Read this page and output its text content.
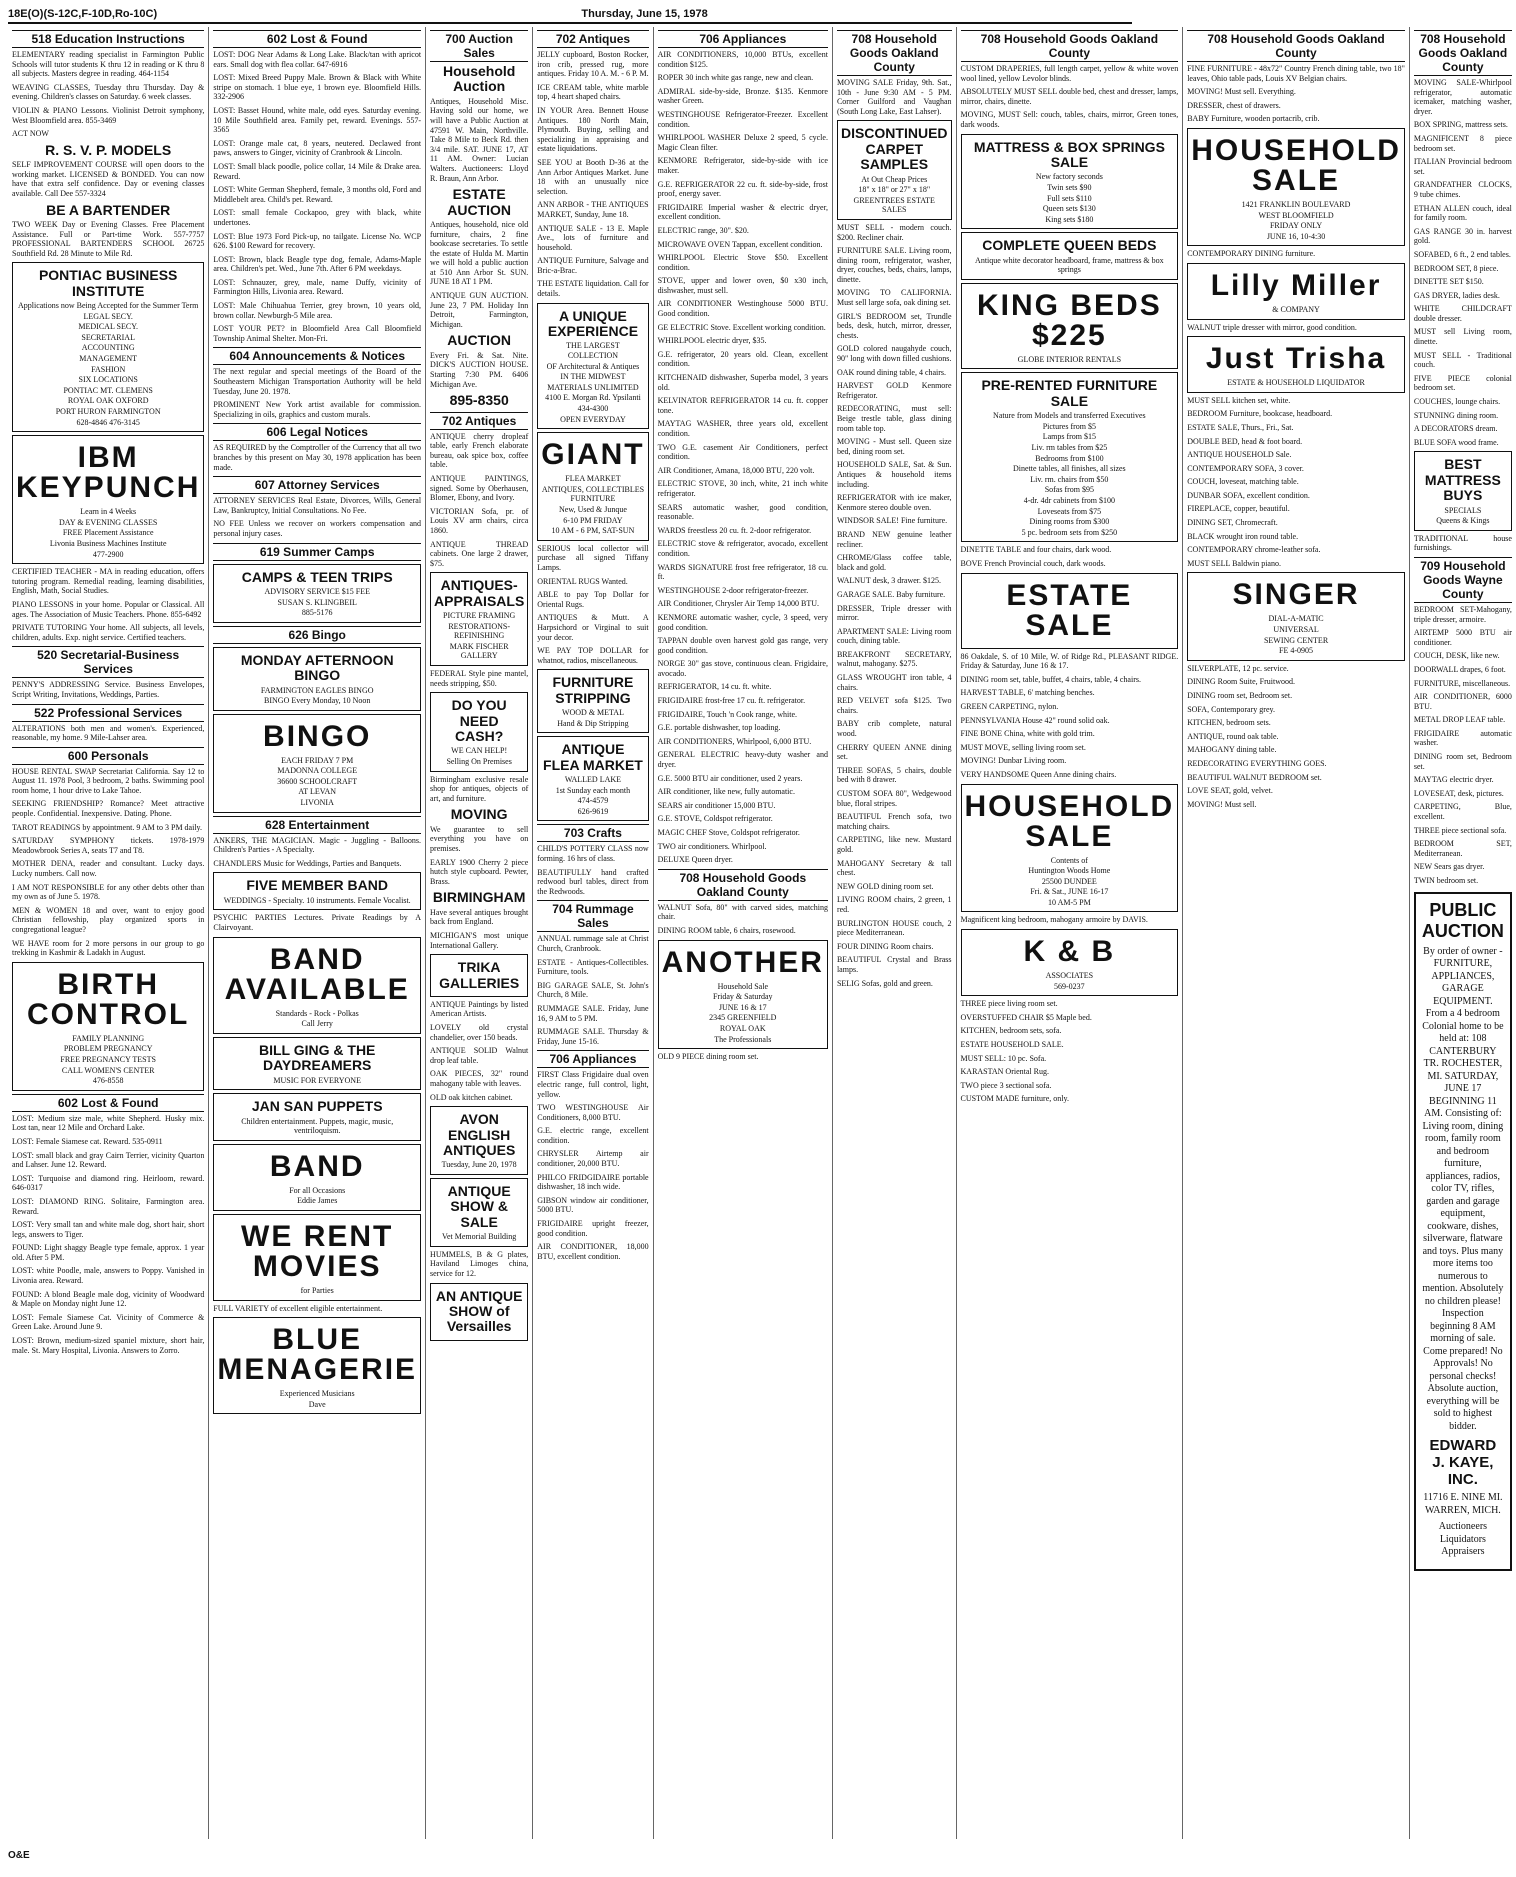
18E(O)(S-12C,F-10D,Ro-10C)	Thursday, June 15, 1978
518 Education Instructions

ELEMENTARY reading specialist in Farmington Public Schools will tutor students K thru 12 in reading or K thru 8 all subjects. Masters degree in reading. 464-1154

WEAVING CLASSES, Tuesday thru Thursday. Day & evening. Children's classes on Saturday. 6 week classes.

VIOLIN & PIANO Lessons. Violinist Detroit symphony, West Bloomfield area. 855-3469

ACT NOW

R. S. V. P. MODELS

SELF IMPROVEMENT COURSE will open doors to the working market. LICENSED & BONDED. You can now have that extra self confidence. Day or evening classes available. Call Dee 557-3324

BE A BARTENDER

TWO WEEK Day or Evening Classes. Free Placement Assistance. Full or Part-time Work. 557-7757 PROFESSIONAL BARTENDERS SCHOOL 26725 Southfield Rd. 28 Minute to Mile Rd.

PONTIAC BUSINESS INSTITUTE
Applications now Being Accepted for the Summer Term
LEGAL SECY.
MEDICAL SECY.
SECRETARIAL
ACCOUNTING
MANAGEMENT
FASHION
SIX LOCATIONS
PONTIAC MT. CLEMENS
ROYAL OAK OXFORD
PORT HURON FARMINGTON
628-4846 476-3145
IBM KEYPUNCH
Learn in 4 Weeks
DAY & EVENING CLASSES
FREE Placement Assistance
Livonia Business Machines Institute
477-2900

CERTIFIED TEACHER - MA in reading education, offers tutoring program. Remedial reading, learning disabilities, English, Math, Social Studies.

PIANO LESSONS in your home. Popular or Classical. All ages. The Association of Music Teachers. Phone. 855-6492

PRIVATE TUTORING Your home. All subjects, all levels, children, adults. Exp. night service. Certified teachers.

520 Secretarial-Business Services

PENNY'S ADDRESSING Service. Business Envelopes, Script Writing, Invitations, Weddings, Parties.

522 Professional Services

ALTERATIONS both men and women's. Experienced, reasonable, my home. 9 Mile-Lahser area.

600 Personals

HOUSE RENTAL SWAP Secretariat California. Say 12 to August 11. 1978 Pool, 3 bedroom, 2 baths. Swimming pool room home, 1 hour drive to Lake Tahoe.

SEEKING FRIENDSHIP? Romance? Meet attractive people. Confidential. Inexpensive. Dating. Phone.

TAROT READINGS by appointment. 9 AM to 3 PM daily.

SATURDAY SYMPHONY tickets. 1978-1979 Meadowbrook Series A, seats T7 and T8.

MOTHER DENA, reader and consultant. Lucky days. Lucky numbers. Call now.

I AM NOT RESPONSIBLE for any other debts other than my own as of June 5. 1978.

MEN & WOMEN 18 and over, want to enjoy good Christian fellowship, play organized sports in congregational league?

WE HAVE room for 2 more persons in our group to go trekking in Kashmir & Ladakh in August.

BIRTH CONTROL
FAMILY PLANNING
PROBLEM PREGNANCY
FREE PREGNANCY TESTS
CALL WOMEN'S CENTER
476-8558
602 Lost & Found

LOST: Medium size male, white Shepherd. Husky mix. Lost tan, near 12 Mile and Orchard Lake.

LOST: Female Siamese cat. Reward. 535-0911

LOST: small black and gray Cairn Terrier, vicinity Quarton and Lahser. June 12. Reward.

LOST: Turquoise and diamond ring. Heirloom, reward. 646-0317

LOST: DIAMOND RING. Solitaire, Farmington area. Reward.

LOST: Very small tan and white male dog, short hair, short legs, answers to Tiger.

FOUND: Light shaggy Beagle type female, approx. 1 year old. After 5 PM.

LOST: white Poodle, male, answers to Poppy. Vanished in Livonia area. Reward.

FOUND: A blond Beagle male dog, vicinity of Woodward & Maple on Monday night June 12.

LOST: Female Siamese Cat. Vicinity of Commerce & Green Lake. Around June 9.

LOST: Brown, medium-sized spaniel mixture, short hair, male. St. Mary Hospital, Livonia. Answers to Zorro.

602 Lost & Found

LOST: DOG Near Adams & Long Lake. Black/tan with apricot ears. Small dog with flea collar. 647-6916

LOST: Mixed Breed Puppy Male. Brown & Black with White stripe on stomach. 1 blue eye, 1 brown eye. Bloomfield Hills. 332-2906

LOST: Basset Hound, white male, odd eyes. Saturday evening. 10 Mile Southfield area. Family pet, reward. Evenings. 557-3565

LOST: Orange male cat, 8 years, neutered. Declawed front paws, answers to Ginger, vicinity of Cranbrook & Lincoln.

LOST: Small black poodle, police collar, 14 Mile & Drake area. Reward.

LOST: White German Shepherd, female, 3 months old, Ford and Middlebelt area. Child's pet. Reward.

LOST: small female Cockapoo, grey with black, white undertones.

LOST: Blue 1973 Ford Pick-up, no tailgate. License No. WCP 626. $100 Reward for recovery.

LOST: Brown, black Beagle type dog, female, Adams-Maple area. Children's pet. Wed., June 7th. After 6 PM weekdays.

LOST: Schnauzer, grey, male, name Duffy, vicinity of Farmington Hills, Livonia area. Reward.

LOST: Male Chihuahua Terrier, grey brown, 10 years old, brown collar. Newburgh-5 Mile area.

LOST YOUR PET? in Bloomfield Area Call Bloomfield Township Animal Shelter. Mon-Fri.

604 Announcements & Notices

The next regular and special meetings of the Board of the Southeastern Michigan Transportation Authority will be held Tuesday, June 20. 1978.

PROMINENT New York artist available for commission. Specializing in oils, graphics and custom murals.

606 Legal Notices

AS REQUIRED by the Comptroller of the Currency that all two branches by this present on May 30, 1978 application has been made.

607 Attorney Services

ATTORNEY SERVICES Real Estate, Divorces, Wills, General Law, Bankruptcy, Initial Consultations. No Fee.

NO FEE Unless we recover on workers compensation and personal injury cases.

619 Summer Camps
CAMPS & TEEN TRIPS
ADVISORY SERVICE $15 FEE
SUSAN S. KLINGBEIL
885-5176
626 Bingo
MONDAY AFTERNOON BINGO
FARMINGTON EAGLES BINGO
BINGO Every Monday, 10 Noon
BINGO
EACH FRIDAY 7 PM
MADONNA COLLEGE
36600 SCHOOLCRAFT
AT LEVAN
LIVONIA
628 Entertainment

ANKERS, THE MAGICIAN. Magic - Juggling - Balloons. Children's Parties - A Specialty.

CHANDLERS Music for Weddings, Parties and Banquets.

FIVE MEMBER BAND
WEDDINGS - Specialty. 10 instruments. Female Vocalist.

PSYCHIC PARTIES Lectures. Private Readings by A Clairvoyant.

BAND AVAILABLE
Standards - Rock - Polkas
Call Jerry
BILL GING & THE DAYDREAMERS
MUSIC FOR EVERYONE
JAN SAN PUPPETS
Children entertainment. Puppets, magic, music, ventriloquism.
BAND
For all Occasions
Eddie James
WE RENT MOVIES
for Parties

FULL VARIETY of excellent eligible entertainment.

BLUE MENAGERIE
Experienced Musicians
Dave
700 Auction Sales
Household Auction

Antiques, Household Misc. Having sold our home, we will have a Public Auction at 47591 W. Main, Northville. Take 8 Mile to Beck Rd. then 3/4 mile. SAT. JUNE 17, AT 11 AM. Owner: Lucian Walters. Auctioneers: Lloyd R. Braun, Ann Arbor.

ESTATE AUCTION

Antiques, household, nice old furniture, chairs, 2 fine bookcase secretaries. To settle the estate of Hulda M. Martin we will hold a public auction at 510 Ann Arbor St. SUN. JUNE 18 AT 1 PM.

ANTIQUE GUN AUCTION. June 23, 7 PM. Holiday Inn Detroit, Farmington, Michigan.

AUCTION

Every Fri. & Sat. Nite. DICK'S AUCTION HOUSE. Starting 7:30 PM. 6406 Michigan Ave.

895-8350
702 Antiques

ANTIQUE cherry dropleaf table, early French elaborate bureau, oak spice box, coffee table.

ANTIQUE PAINTINGS, signed. Some by Oberhausen, Blomer, Ebony, and Ivory.

VICTORIAN Sofa, pr. of Louis XV arm chairs, circa 1860.

ANTIQUE THREAD cabinets. One large 2 drawer, $75.

ANTIQUES-APPRAISALS
PICTURE FRAMING
RESTORATIONS-REFINISHING
MARK FISCHER GALLERY

FEDERAL Style pine mantel, needs stripping, $50.

DO YOU NEED CASH?
WE CAN HELP!
Selling On Premises

Birmingham exclusive resale shop for antiques, objects of art, and furniture.

MOVING

We guarantee to sell everything you have on premises.

EARLY 1900 Cherry 2 piece hutch style cupboard. Pewter, Brass.

BIRMINGHAM

Have several antiques brought back from England.

MICHIGAN'S most unique International Gallery.

TRIKA GALLERIES

ANTIQUE Paintings by listed American Artists.

LOVELY old crystal chandelier, over 150 beads.

ANTIQUE SOLID Walnut drop leaf table.

OAK PIECES, 32" round mahogany table with leaves.

OLD oak kitchen cabinet.

AVON ENGLISH ANTIQUES
Tuesday, June 20, 1978
ANTIQUE SHOW & SALE
Vet Memorial Building

HUMMELS, B & G plates, Haviland Limoges china, service for 12.

AN ANTIQUE SHOW of Versailles
702 Antiques

JELLY cupboard, Boston Rocker, iron crib, pressed rug, more antiques. Friday 10 A. M. - 6 P. M.

ICE CREAM table, white marble top, 4 heart shaped chairs.

IN YOUR Area. Bennett House Antiques. 180 North Main, Plymouth. Buying, selling and specializing in appraising and estate liquidations.

SEE YOU at Booth D-36 at the Ann Arbor Antiques Market. June 18 with an unusually nice selection.

ANN ARBOR - THE ANTIQUES MARKET, Sunday, June 18.

ANTIQUE SALE - 13 E. Maple Ave., lots of furniture and household.

ANTIQUE Furniture, Salvage and Bric-a-Brac.

THE ESTATE liquidation. Call for details.

A UNIQUE EXPERIENCE
THE LARGEST COLLECTION
OF Architectural & Antiques
IN THE MIDWEST
MATERIALS UNLIMITED
4100 E. Morgan Rd. Ypsilanti
434-4300
OPEN EVERYDAY
GIANT
FLEA MARKET
ANTIQUES, COLLECTIBLES FURNITURE
New, Used & Junque
6-10 PM FRIDAY
10 AM - 6 PM, SAT-SUN

SERIOUS local collector will purchase all signed Tiffany Lamps.

ORIENTAL RUGS Wanted.

ABLE to pay Top Dollar for Oriental Rugs.

ANTIQUES & Mutt. A Harpsichord or Virginal to suit your decor.

WE PAY TOP DOLLAR for whatnot, radios, miscellaneous.

FURNITURE STRIPPING
WOOD & METAL
Hand & Dip Stripping
ANTIQUE FLEA MARKET
WALLED LAKE
1st Sunday each month
474-4579
626-9619
703 Crafts

CHILD'S POTTERY CLASS now forming. 16 hrs of class.

BEAUTIFULLY hand crafted redwood burl tables, direct from the Redwoods.

704 Rummage Sales

ANNUAL rummage sale at Christ Church, Cranbrook.

ESTATE - Antiques-Collectibles. Furniture, tools.

BIG GARAGE SALE, St. John's Church, 8 Mile.

RUMMAGE SALE. Friday, June 16, 9 AM to 5 PM.

RUMMAGE SALE. Thursday & Friday, June 15-16.

706 Appliances

FIRST Class Frigidaire dual oven electric range, full control, light, yellow.

TWO WESTINGHOUSE Air Conditioners, 8,000 BTU.

G.E. electric range, excellent condition.

CHRYSLER Airtemp air conditioner, 20,000 BTU.

PHILCO FRIDGIDAIRE portable dishwasher, 18 inch wide.

GIBSON window air conditioner, 5000 BTU.

FRIGIDAIRE upright freezer, good condition.

AIR CONDITIONER, 18,000 BTU, excellent condition.

706 Appliances

AIR CONDITIONERS, 10,000 BTUs, excellent condition $125.

ROPER 30 inch white gas range, new and clean.

ADMIRAL side-by-side, Bronze. $135. Kenmore washer Green.

WESTINGHOUSE Refrigerator-Freezer. Excellent condition.

WHIRLPOOL WASHER Deluxe 2 speed, 5 cycle. Magic Clean filter.

KENMORE Refrigerator, side-by-side with ice maker.

G.E. REFRIGERATOR 22 cu. ft. side-by-side, frost proof, energy saver.

FRIGIDAIRE Imperial washer & electric dryer, excellent condition.

ELECTRIC range, 30". $20.

MICROWAVE OVEN Tappan, excellent condition.

WHIRLPOOL Electric Stove $50. Excellent condition.

STOVE, upper and lower oven, $0 x30 inch, dishwasher, must sell.

AIR CONDITIONER Westinghouse 5000 BTU. Good condition.

GE ELECTRIC Stove. Excellent working condition.

WHIRLPOOL electric dryer, $35.

G.E. refrigerator, 20 years old. Clean, excellent condition.

KITCHENAID dishwasher, Superba model, 3 years old.

KELVINATOR REFRIGERATOR 14 cu. ft. copper tone.

MAYTAG WASHER, three years old, excellent condition.

TWO G.E. casement Air Conditioners, perfect condition.

AIR Conditioner, Amana, 18,000 BTU, 220 volt.

ELECTRIC STOVE, 30 inch, white, 21 inch white refrigerator.

SEARS automatic washer, good condition, reasonable.

WARDS freestless 20 cu. ft. 2-door refrigerator.

ELECTRIC stove & refrigerator, avocado, excellent condition.

WARDS SIGNATURE frost free refrigerator, 18 cu. ft.

WESTINGHOUSE 2-door refrigerator-freezer.

AIR Conditioner, Chrysler Air Temp 14,000 BTU.

KENMORE automatic washer, cycle, 3 speed, very good condition.

TAPPAN double oven harvest gold gas range, very good condition.

NORGE 30" gas stove, continuous clean. Frigidaire, avocado.

REFRIGERATOR, 14 cu. ft. white.

FRIGIDAIRE frost-free 17 cu. ft. refrigerator.

FRIGIDAIRE, Touch 'n Cook range, white.

G.E. portable dishwasher, top loading.

AIR CONDITIONERS, Whirlpool, 6,000 BTU.

GENERAL ELECTRIC heavy-duty washer and dryer.

G.E. 5000 BTU air conditioner, used 2 years.

AIR conditioner, like new, fully automatic.

SEARS air conditioner 15,000 BTU.

G.E. STOVE, Coldspot refrigerator.

MAGIC CHEF Stove, Coldspot refrigerator.

TWO air conditioners. Whirlpool.

DELUXE Queen dryer.

708 Household Goods Oakland County

WALNUT Sofa, 80" with carved sides, matching chair.

DINING ROOM table, 6 chairs, rosewood.

ANOTHER
Household Sale
Friday & Saturday
JUNE 16 & 17
2345 GREENFIELD
ROYAL OAK
The Professionals

OLD 9 PIECE dining room set.

708 Household Goods Oakland County

MOVING SALE Friday, 9th. Sat., 10th - June 9:30 AM - 5 PM. Corner Guilford and Vaughan (South Long Lake, East Lahser).

DISCONTINUED CARPET SAMPLES
At Out Cheap Prices
18" x 18" or 27" x 18"
GREENTREES ESTATE SALES

MUST SELL - modern couch. $200. Recliner chair.

FURNITURE SALE. Living room, dining room, refrigerator, washer, dryer, couches, beds, chairs, lamps, dinette.

MOVING TO CALIFORNIA. Must sell large sofa, oak dining set.

GIRL'S BEDROOM set, Trundle beds, desk, hutch, mirror, dresser, chests.

GOLD colored naugahyde couch, 90" long with down filled cushions.

OAK round dining table, 4 chairs.

HARVEST GOLD Kenmore Refrigerator.

REDECORATING, must sell: Beige trestle table, glass dining room table top.

MOVING - Must sell. Queen size bed, dining room set.

HOUSEHOLD SALE, Sat. & Sun. Antiques & household items including.

REFRIGERATOR with ice maker, Kenmore stereo double oven.

WINDSOR SALE! Fine furniture.

BRAND NEW genuine leather recliner.

CHROME/Glass coffee table, black and gold.

WALNUT desk, 3 drawer. $125.

GARAGE SALE. Baby furniture.

DRESSER, Triple dresser with mirror.

APARTMENT SALE: Living room couch, dining table.

BREAKFRONT SECRETARY, walnut, mahogany. $275.

GLASS WROUGHT iron table, 4 chairs.

RED VELVET sofa $125. Two chairs.

BABY crib complete, natural wood.

CHERRY QUEEN ANNE dining set.

THREE SOFAS, 5 chairs, double bed with 8 drawer.

CUSTOM SOFA 80", Wedgewood blue, floral stripes.

BEAUTIFUL French sofa, two matching chairs.

CARPETING, like new. Mustard gold.

MAHOGANY Secretary & tall chest.

NEW GOLD dining room set.

LIVING ROOM chairs, 2 green, 1 red.

BURLINGTON HOUSE couch, 2 piece Mediterranean.

FOUR DINING Room chairs.

BEAUTIFUL Crystal and Brass lamps.

SELIG Sofas, gold and green.

708 Household Goods Oakland County

CUSTOM DRAPERIES, full length carpet, yellow & white woven wool lined, yellow Levolor blinds.

ABSOLUTELY MUST SELL double bed, chest and dresser, lamps, mirror, chairs, dinette.

MOVING, MUST Sell: couch, tables, chairs, mirror, Green tones, dark woods.

MATTRESS & BOX SPRINGS SALE
New factory seconds
Twin sets $90
Full sets $110
Queen sets $130
King sets $180
COMPLETE QUEEN BEDS
Antique white decorator headboard, frame, mattress & box springs
KING BEDS $225
GLOBE INTERIOR RENTALS
PRE-RENTED FURNITURE SALE
Nature from Models and transferred Executives
Pictures from $5
Lamps from $15
Liv. rm tables from $25
Bedrooms from $100
Dinette tables, all finishes, all sizes
Liv. rm. chairs from $50
Sofas from $95
4-dr. 4dr cabinets from $100
Loveseats from $75
Dining rooms from $300
5 pc. bedroom sets from $250

DINETTE TABLE and four chairs, dark wood.

BOVE French Provincial couch, dark woods.

ESTATE SALE

86 Oakdale, S. of 10 Mile, W. of Ridge Rd., PLEASANT RIDGE. Friday & Saturday, June 16 & 17.

DINING room set, table, buffet, 4 chairs, table, 4 chairs.

HARVEST TABLE, 6' matching benches.

GREEN CARPETING, nylon.

PENNSYLVANIA House 42" round solid oak.

FINE BONE China, white with gold trim.

MUST MOVE, selling living room set.

MOVING! Dunbar Living room.

VERY HANDSOME Queen Anne dining chairs.

HOUSEHOLD SALE
Contents of
Huntington Woods Home
25500 DUNDEE
Fri. & Sat., JUNE 16-17
10 AM-5 PM

Magnificent king bedroom, mahogany armoire by DAVIS.

K & B
ASSOCIATES
569-0237

THREE piece living room set.

OVERSTUFFED CHAIR $5 Maple bed.

KITCHEN, bedroom sets, sofa.

ESTATE HOUSEHOLD SALE.

MUST SELL: 10 pc. Sofa.

KARASTAN Oriental Rug.

TWO piece 3 sectional sofa.

CUSTOM MADE furniture, only.

708 Household Goods Oakland County

FINE FURNITURE - 48x72" Country French dining table, two 18" leaves, Ohio table pads, Louis XV Belgian chairs.

MOVING! Must sell. Everything.

DRESSER, chest of drawers.

BABY Furniture, wooden portacrib, crib.

HOUSEHOLD SALE
1421 FRANKLIN BOULEVARD
WEST BLOOMFIELD
FRIDAY ONLY
JUNE 16, 10-4:30

CONTEMPORARY DINING furniture.

Lilly Miller
& COMPANY

WALNUT triple dresser with mirror, good condition.

Just Trisha
ESTATE & HOUSEHOLD LIQUIDATOR

MUST SELL kitchen set, white.

BEDROOM Furniture, bookcase, headboard.

ESTATE SALE, Thurs., Fri., Sat.

DOUBLE BED, head & foot board.

ANTIQUE HOUSEHOLD Sale.

CONTEMPORARY SOFA, 3 cover.

COUCH, loveseat, matching table.

DUNBAR SOFA, excellent condition.

FIREPLACE, copper, beautiful.

DINING SET, Chromecraft.

BLACK wrought iron round table.

CONTEMPORARY chrome-leather sofa.

MUST SELL Baldwin piano.

SINGER
DIAL-A-MATIC
UNIVERSAL
SEWING CENTER
FE 4-0905

SILVERPLATE, 12 pc. service.

DINING Room Suite, Fruitwood.

DINING room set, Bedroom set.

SOFA, Contemporary grey.

KITCHEN, bedroom sets.

ANTIQUE, round oak table.

MAHOGANY dining table.

REDECORATING EVERYTHING GOES.

BEAUTIFUL WALNUT BEDROOM set.

LOVE SEAT, gold, velvet.

MOVING! Must sell.

708 Household Goods Oakland County

MOVING SALE-Whirlpool refrigerator, automatic icemaker, matching washer, dryer.

BOX SPRING, mattress sets.

MAGNIFICENT 8 piece bedroom set.

ITALIAN Provincial bedroom set.

GRANDFATHER CLOCKS, 9 tube chimes.

ETHAN ALLEN couch, ideal for family room.

GAS RANGE 30 in. harvest gold.

SOFABED, 6 ft., 2 end tables.

BEDROOM SET, 8 piece.

DINETTE SET $150.

GAS DRYER, ladies desk.

WHITE CHILDCRAFT double dresser.

MUST sell Living room, dinette.

MUST SELL - Traditional couch.

FIVE PIECE colonial bedroom set.

COUCHES, lounge chairs.

STUNNING dining room.

A DECORATORS dream.

BLUE SOFA wood frame.

BEST MATTRESS BUYS
SPECIALS
Queens & Kings

TRADITIONAL house furnishings.

709 Household Goods Wayne County

BEDROOM SET-Mahogany, triple dresser, armoire.

AIRTEMP 5000 BTU air conditioner.

COUCH, DESK, like new.

DOORWALL drapes, 6 foot.

FURNITURE, miscellaneous.

AIR CONDITIONER, 6000 BTU.

METAL DROP LEAF table.

FRIGIDAIRE automatic washer.

DINING room set, Bedroom set.

MAYTAG electric dryer.

LOVESEAT, desk, pictures.

CARPETING, Blue, excellent.

THREE piece sectional sofa.

BEDROOM SET, Mediterranean.

NEW Sears gas dryer.

TWIN bedroom set.

PUBLIC AUCTION
By order of owner - FURNITURE, APPLIANCES, GARAGE EQUIPMENT. From a 4 bedroom Colonial home to be held at: 108 CANTERBURY TR. ROCHESTER, MI. SATURDAY, JUNE 17 BEGINNING 11 AM. Consisting of: Living room, dining room, family room and bedroom furniture, appliances, radios, color TV, rifles, garden and garage equipment, cookware, dishes, silverware, flatware and toys. Plus many more items too numerous to mention. Absolutely no children please! Inspection beginning 8 AM morning of sale. Come prepared! No Approvals! No personal checks! Absolute auction, everything will be sold to highest bidder.
EDWARD J. KAYE, INC.
11716 E. NINE MI. WARREN, MICH.
Auctioneers Liquidators Appraisers
O&E
